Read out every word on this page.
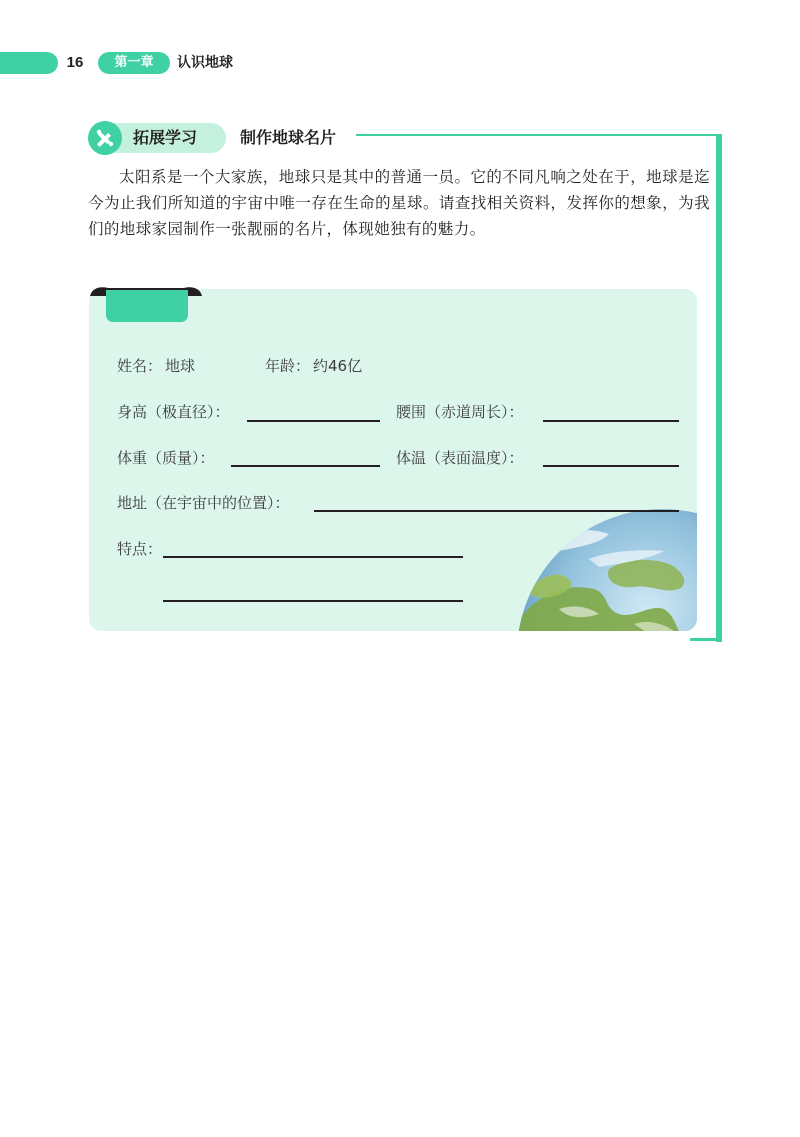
16	第一章	认识地球
拓展学习	制作地球名片

太阳系是一个大家族，地球只是其中的普通一员。它的不同凡响之处在于，地球是迄今为止我们所知道的宇宙中唯一存在生命的星球。请查找相关资料，发挥你的想象，为我们的地球家园制作一张靓丽的名片，体现她独有的魅力。

姓名： 地球	年龄： 约46亿
身高（极直径）：	腰围（赤道周长）：
体重（质量）：	体温（表面温度）：
地址（在宇宙中的位置）：
特点：
